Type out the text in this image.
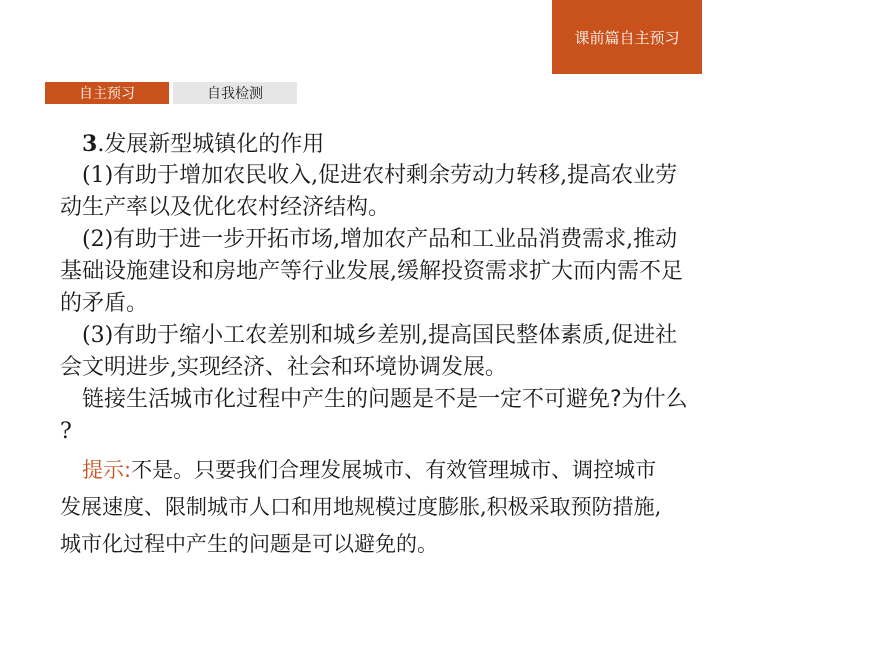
课前篇自主预习
自主预习	自我检测
3.发展新型城镇化的作用
(1)有助于增加农民收入,促进农村剩余劳动力转移,提高农业劳
动生产率以及优化农村经济结构。
(2)有助于进一步开拓市场,增加农产品和工业品消费需求,推动
基础设施建设和房地产等行业发展,缓解投资需求扩大而内需不足
的矛盾。
(3)有助于缩小工农差别和城乡差别,提高国民整体素质,促进社
会文明进步,实现经济、社会和环境协调发展。
链接生活城市化过程中产生的问题是不是一定不可避免?为什么
?
提示:不是。只要我们合理发展城市、有效管理城市、调控城市
发展速度、限制城市人口和用地规模过度膨胀,积极采取预防措施,
城市化过程中产生的问题是可以避免的。
